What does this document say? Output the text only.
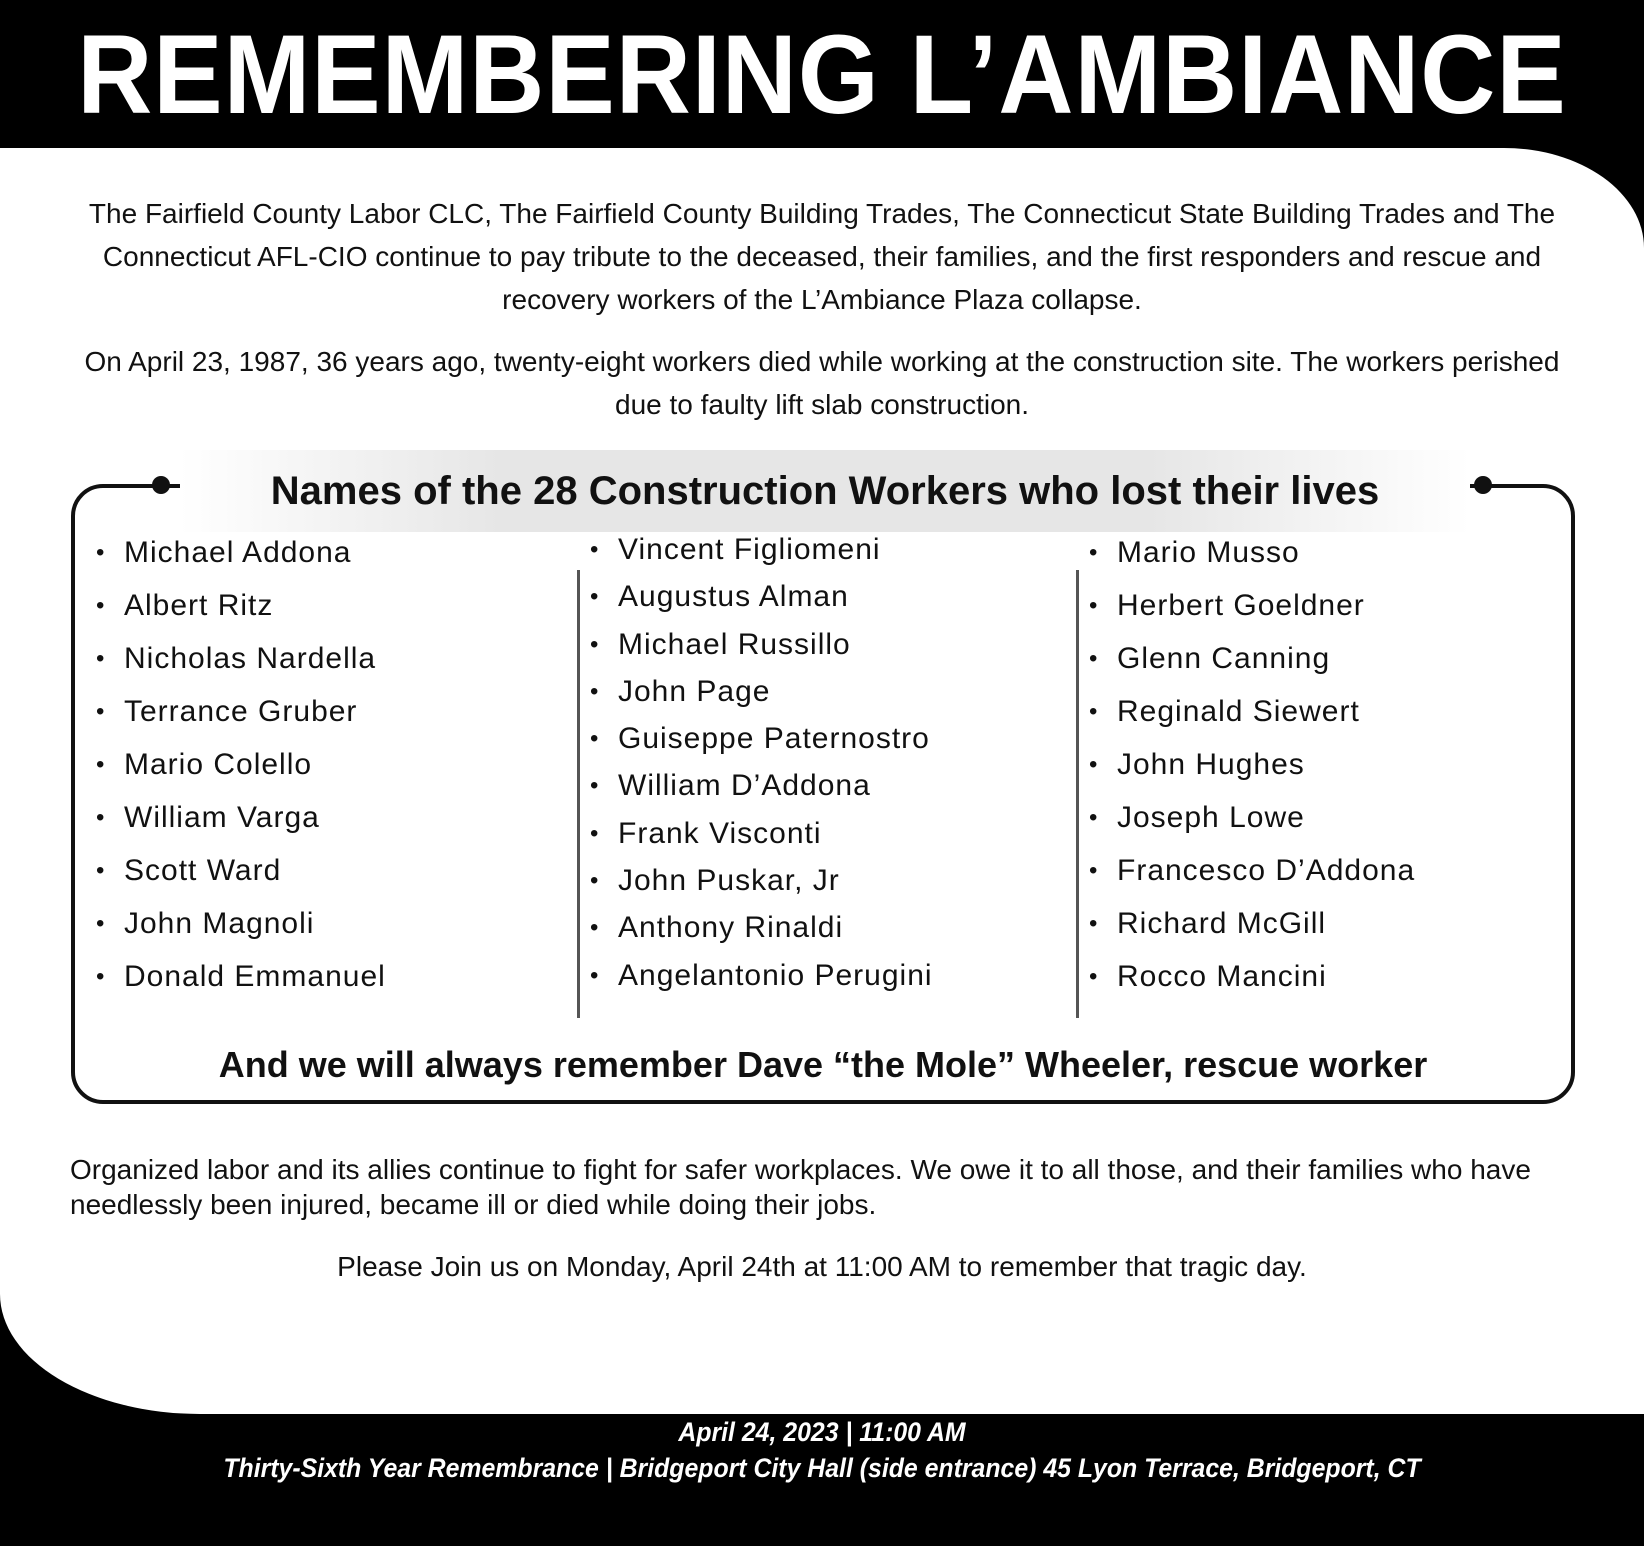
REMEMBERING L’AMBIANCE

The Fairfield County Labor CLC, The Fairfield County Building Trades, The Connecticut State Building Trades and The Connecticut AFL-CIO continue to pay tribute to the deceased, their families, and the first responders and rescue and recovery workers of the L’Ambiance Plaza collapse.

On April 23, 1987, 36 years ago, twenty-eight workers died while working at the construction site. The workers perished due to faulty lift slab construction.

Names of the 28 Construction Workers who lost their lives
• Michael Addona
• Albert Ritz
• Nicholas Nardella
• Terrance Gruber
• Mario Colello
• William Varga
• Scott Ward
• John Magnoli
• Donald Emmanuel
• Vincent Figliomeni
• Augustus Alman
• Michael Russillo
• John Page
• Guiseppe Paternostro
• William D’Addona
• Frank Visconti
• John Puskar, Jr
• Anthony Rinaldi
• Angelantonio Perugini
• Mario Musso
• Herbert Goeldner
• Glenn Canning
• Reginald Siewert
• John Hughes
• Joseph Lowe
• Francesco D’Addona
• Richard McGill
• Rocco Mancini
And we will always remember Dave “the Mole” Wheeler, rescue worker

Organized labor and its allies continue to fight for safer workplaces. We owe it to all those, and their families who have needlessly been injured, became ill or died while doing their jobs.

Please Join us on Monday, April 24th at 11:00 AM to remember that tragic day.

April 24, 2023 | 11:00 AM
Thirty-Sixth Year Remembrance | Bridgeport City Hall (side entrance) 45 Lyon Terrace, Bridgeport, CT
